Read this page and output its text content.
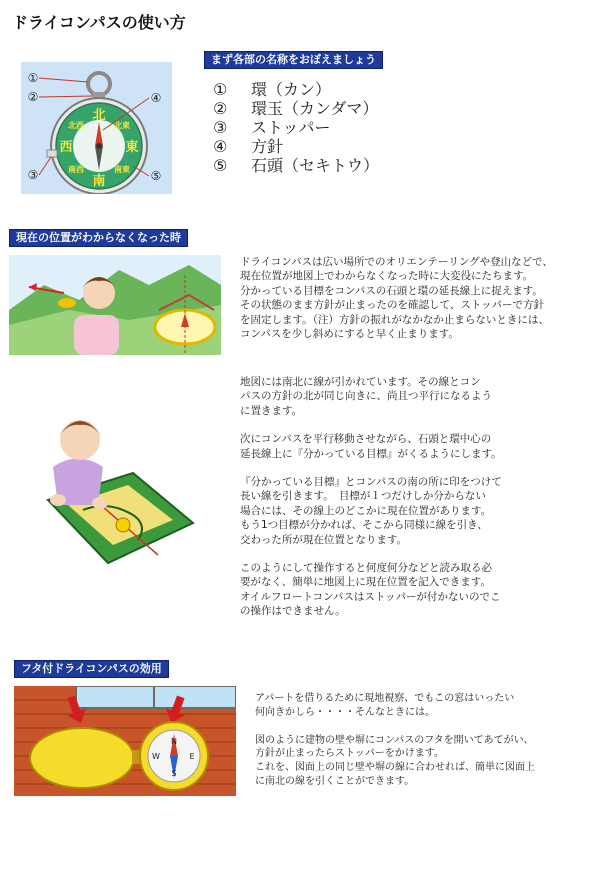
ドライコンパスの使い方
まず各部の名称をおぼえましょう
北
東
南
西
北西	北東
南東
南西
①
②
③
④
⑤
①	環（カン）
②	環玉（カンダマ）
③	ストッパー
④	方針
⑤	石頭（セキトウ）
現在の位置がわからなくなった時

ドライコンパスは広い場所でのオリエンテーリングや登山などで、

現在位置が地図上でわからなくなった時に大変役にたちます。

分かっている目標をコンパスの石頭と環の延長線上に捉えます。

その状態のまま方針が止まったのを確認して、ストッパーで方針

を固定します。（注）方針の振れがなかなか止まらないときには、

コンパスを少し斜めにすると早く止まります。

地図には南北に線が引かれています。その線とコン

パスの方針の北が同じ向きに、尚且つ平行になるよう

に置きます。

次にコンパスを平行移動させながら、石頭と環中心の

延長線上に『分かっている目標』がくるようにします。

『分かっている目標』とコンパスの南の所に印をつけて

長い線を引きます。　目標が１つだけしか分からない

場合には、その線上のどこかに現在位置があります。

もう1つ目標が分かれば、そこから同様に線を引き、

交わった所が現在位置となります。

このようにして操作すると何度何分などと読み取る必

要がなく、簡単に地図上に現在位置を記入できます。

オイルフロートコンパスはストッパーが付かないのでこ

の操作はできません。

フタ付ドライコンパスの効用
N
E
W
S

アパートを借りるために現地視察、でもこの窓はいったい

何向きかしら・・・・そんなときには。

図のように建物の壁や塀にコンパスのフタを開いてあてがい、

方針が止まったらストッパーをかけます。

これを、図面上の同じ壁や塀の線に合わせれば、簡単に図面上

に南北の線を引くことができます。
